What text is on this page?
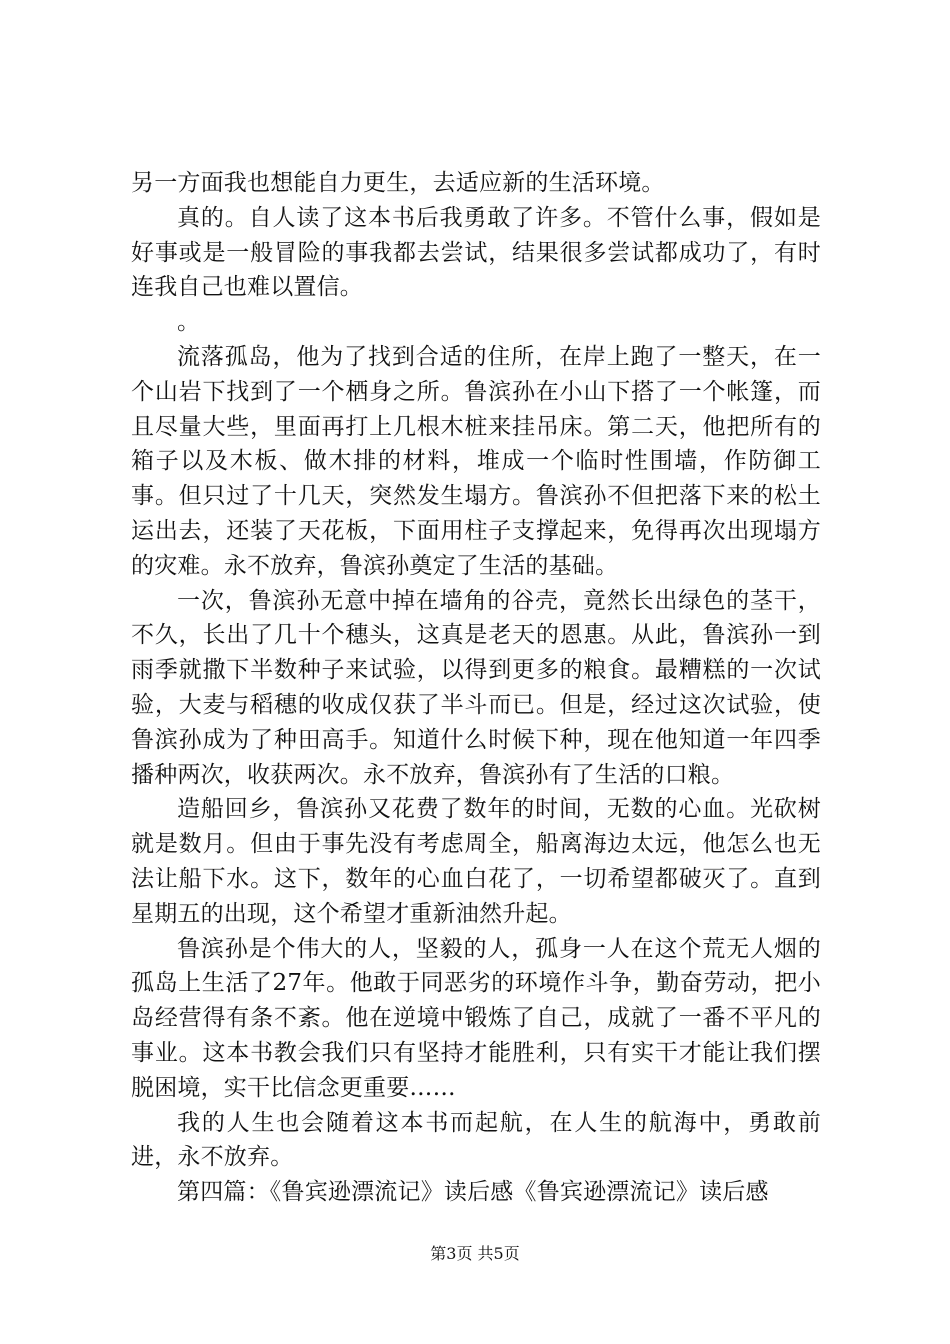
另一方面我也想能自力更生，去适应新的生活环境。

真的。自人读了这本书后我勇敢了许多。不管什么事，假如是好事或是一般冒险的事我都去尝试，结果很多尝试都成功了，有时连我自己也难以置信。

。

流落孤岛，他为了找到合适的住所，在岸上跑了一整天，在一个山岩下找到了一个栖身之所。鲁滨孙在小山下搭了一个帐篷，而且尽量大些，里面再打上几根木桩来挂吊床。第二天，他把所有的箱子以及木板、做木排的材料，堆成一个临时性围墙，作防御工事。但只过了十几天，突然发生塌方。鲁滨孙不但把落下来的松土运出去，还装了天花板，下面用柱子支撑起来，免得再次出现塌方的灾难。永不放弃，鲁滨孙奠定了生活的基础。

一次，鲁滨孙无意中掉在墙角的谷壳，竟然长出绿色的茎干，不久，长出了几十个穗头，这真是老天的恩惠。从此，鲁滨孙一到雨季就撒下半数种子来试验，以得到更多的粮食。最糟糕的一次试验，大麦与稻穗的收成仅获了半斗而已。但是，经过这次试验，使鲁滨孙成为了种田高手。知道什么时候下种，现在他知道一年四季播种两次，收获两次。永不放弃，鲁滨孙有了生活的口粮。

造船回乡，鲁滨孙又花费了数年的时间，无数的心血。光砍树就是数月。但由于事先没有考虑周全，船离海边太远，他怎么也无法让船下水。这下，数年的心血白花了，一切希望都破灭了。直到星期五的出现，这个希望才重新油然升起。

鲁滨孙是个伟大的人，坚毅的人，孤身一人在这个荒无人烟的孤岛上生活了27年。他敢于同恶劣的环境作斗争，勤奋劳动，把小岛经营得有条不紊。他在逆境中锻炼了自己，成就了一番不平凡的事业。这本书教会我们只有坚持才能胜利，只有实干才能让我们摆脱困境，实干比信念更重要……

我的人生也会随着这本书而起航，在人生的航海中，勇敢前进，永不放弃。

第四篇：《鲁宾逊漂流记》读后感《鲁宾逊漂流记》读后感

第3页 共5页
